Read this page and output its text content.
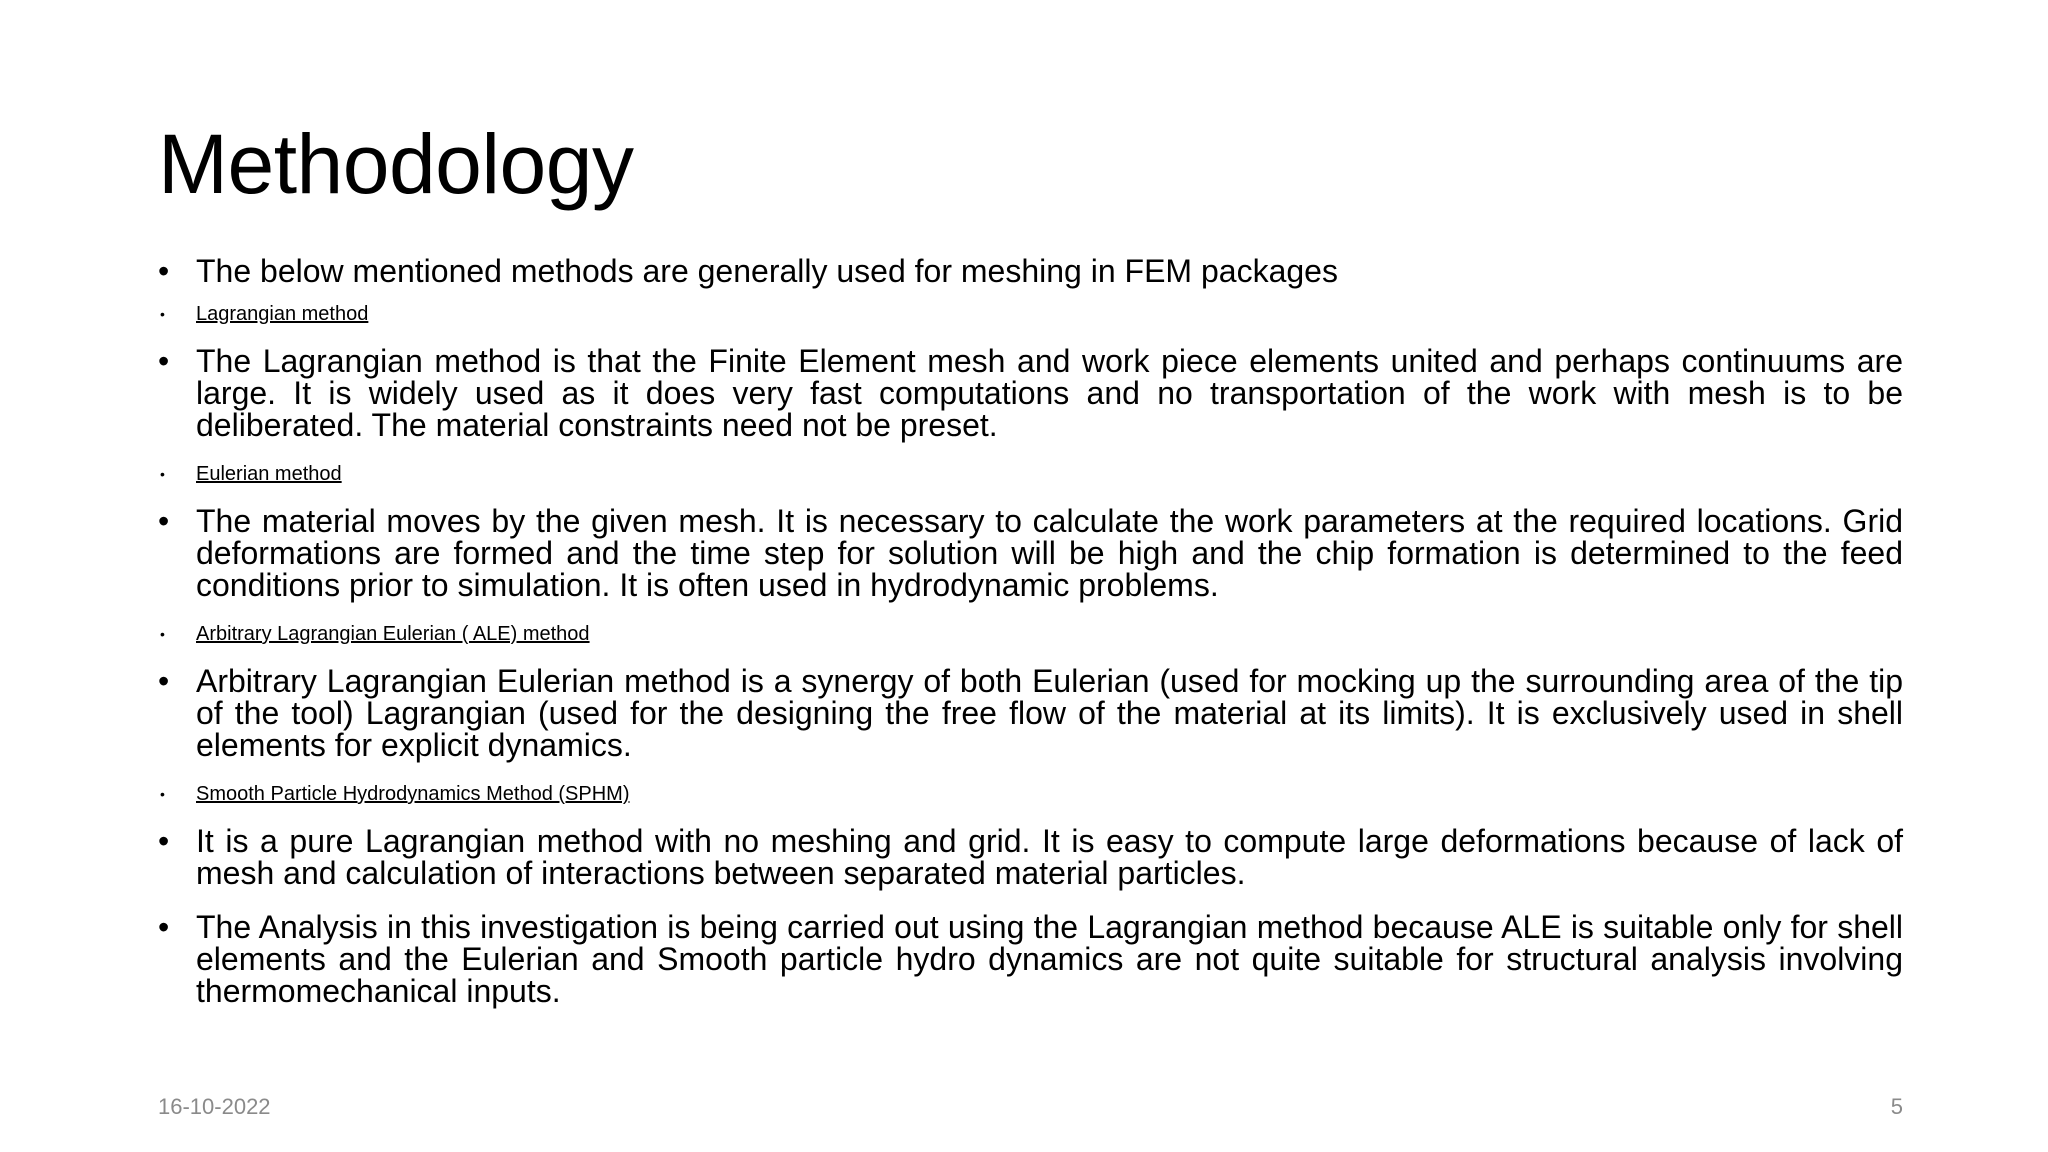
Methodology
• The below mentioned methods are generally used for meshing in FEM packages
• Lagrangian method
• The Lagrangian method is that the Finite Element mesh and work piece elements united and perhaps continuums are large. It is widely used as it does very fast computations and no transportation of the work with mesh is to be deliberated. The material constraints need not be preset.
• Eulerian method
• The material moves by the given mesh. It is necessary to calculate the work parameters at the required locations. Grid deformations are formed and the time step for solution will be high and the chip formation is determined to the feed conditions prior to simulation. It is often used in hydrodynamic problems.
• Arbitrary Lagrangian Eulerian ( ALE) method
• Arbitrary Lagrangian Eulerian method is a synergy of both Eulerian (used for mocking up the surrounding area of the tip of the tool) Lagrangian (used for the designing the free flow of the material at its limits). It is exclusively used in shell elements for explicit dynamics.
• Smooth Particle Hydrodynamics Method (SPHM)
• It is a pure Lagrangian method with no meshing and grid. It is easy to compute large deformations because of lack of mesh and calculation of interactions between separated material particles.
• The Analysis in this investigation is being carried out using the Lagrangian method because ALE is suitable only for shell elements and the Eulerian and Smooth particle hydro dynamics are not quite suitable for structural analysis involving thermomechanical inputs.
16-10-2022	5
